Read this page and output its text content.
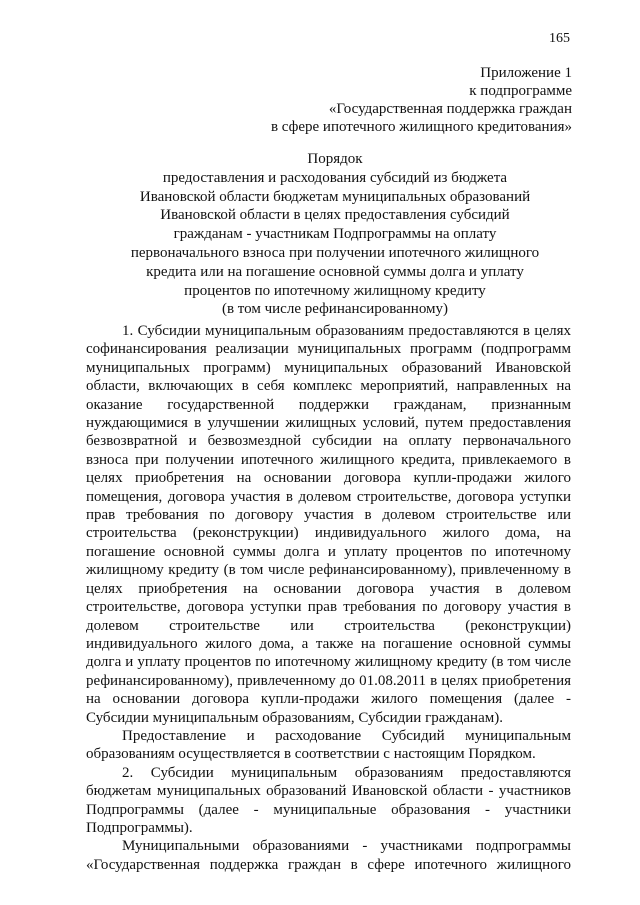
165
Приложение 1
к подпрограмме
«Государственная поддержка граждан
в сфере ипотечного жилищного кредитования»
Порядок
предоставления и расходования субсидий из бюджета
Ивановской области бюджетам муниципальных образований
Ивановской области в целях предоставления субсидий
гражданам - участникам Подпрограммы на оплату
первоначального взноса при получении ипотечного жилищного
кредита или на погашение основной суммы долга и уплату
процентов по ипотечному жилищному кредиту
(в том числе рефинансированному)
1. Субсидии муниципальным образованиям предоставляются в целях
софинансирования реализации муниципальных программ (подпрограмм
муниципальных программ) муниципальных образований Ивановской
области, включающих в себя комплекс мероприятий, направленных на
оказание государственной поддержки гражданам, признанным
нуждающимися в улучшении жилищных условий, путем предоставления
безвозвратной и безвозмездной субсидии на оплату первоначального
взноса при получении ипотечного жилищного кредита, привлекаемого в
целях приобретения на основании договора купли-продажи жилого
помещения, договора участия в долевом строительстве, договора уступки
прав требования по договору участия в долевом строительстве или
строительства (реконструкции) индивидуального жилого дома, на
погашение основной суммы долга и уплату процентов по ипотечному
жилищному кредиту (в том числе рефинансированному), привлеченному в
целях приобретения на основании договора участия в долевом
строительстве, договора уступки прав требования по договору участия в
долевом строительстве или строительства (реконструкции)
индивидуального жилого дома, а также на погашение основной суммы
долга и уплату процентов по ипотечному жилищному кредиту (в том числе
рефинансированному), привлеченному до 01.08.2011 в целях приобретения
на основании договора купли-продажи жилого помещения (далее -
Субсидии муниципальным образованиям, Субсидии гражданам).
Предоставление и расходование Субсидий муниципальным
образованиям осуществляется в соответствии с настоящим Порядком.
2. Субсидии муниципальным образованиям предоставляются
бюджетам муниципальных образований Ивановской области - участников
Подпрограммы (далее - муниципальные образования - участники
Подпрограммы).
Муниципальными образованиями - участниками подпрограммы
«Государственная поддержка граждан в сфере ипотечного жилищного
